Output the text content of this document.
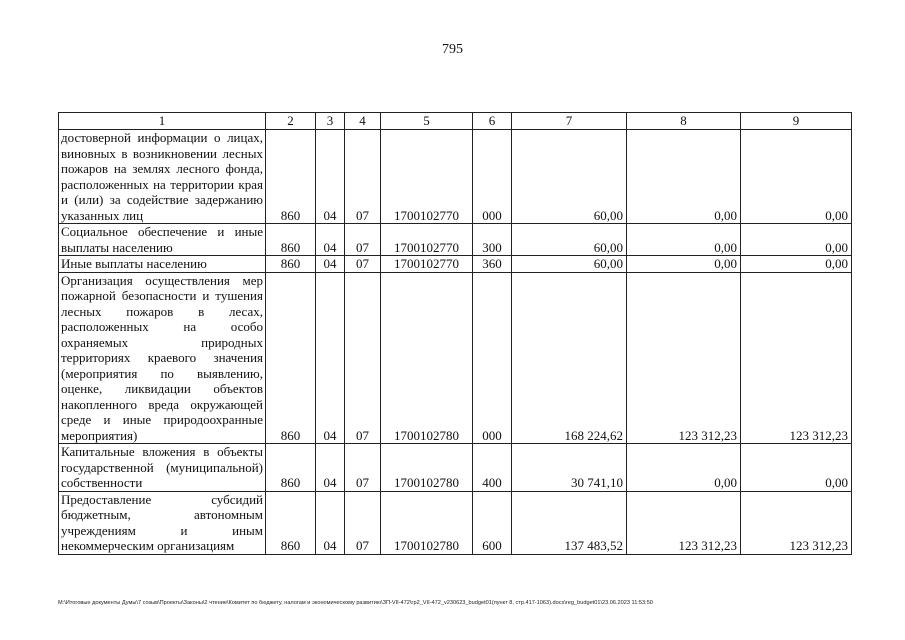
795
1	2	3	4	5	6	7	8	9
достоверной информации о лицах, виновных в возникновении лесных пожаров на землях лесного фонда, расположенных на территории края и (или) за содействие задержанию указанных лиц	860	04	07	1700102770	000	60,00	0,00	0,00
Социальное обеспечение и иные выплаты населению	860	04	07	1700102770	300	60,00	0,00	0,00
Иные выплаты населению	860	04	07	1700102770	360	60,00	0,00	0,00
Организация осуществления мер пожарной безопасности и тушения лесных пожаров в лесах, расположенных на особо охраняемых природных территориях краевого значения (мероприятия по выявлению, оценке, ликвидации объектов накопленного вреда окружающей среде и иные природоохранные мероприятия)	860	04	07	1700102780	000	168 224,62	123 312,23	123 312,23
Капитальные вложения в объекты государственной (муниципальной) собственности	860	04	07	1700102780	400	30 741,10	0,00	0,00
Предоставление субсидий бюджетным, автономным учреждениям и иным некоммерческим организациям	860	04	07	1700102780	600	137 483,52	123 312,23	123 312,23
М:\Итоговые документы Думы\7 созыв\Проекты\Законы\2 чтение\Комитет по бюджету, налогам и экономическому развитию\ЗП-VII-472\гр2_VII-472_v230623_budget01(пункт 8, стр.417-1063).docx\reg_budget01\23.06.2023 11:53:50
